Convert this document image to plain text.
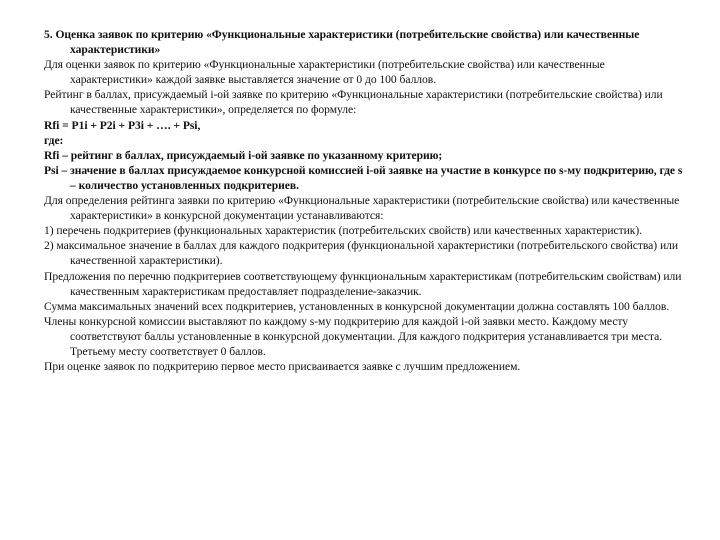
5. Оценка заявок по критерию «Функциональные характеристики (потребительские свойства) или качественные характеристики»

Для оценки заявок по критерию «Функциональные характеристики (потребительские свойства) или качественные характеристики» каждой заявке выставляется значение от 0 до 100 баллов.

Рейтинг в баллах, присуждаемый i-ой заявке по критерию «Функциональные характеристики (потребительские свойства) или качественные характеристики», определяется по формуле:

Rfi = P1i + P2i + P3i + …. + Psi,

где:

Rfi – рейтинг в баллах, присуждаемый i-ой заявке по указанному критерию;

Psi – значение в баллах присуждаемое конкурсной комиссией i-ой заявке на участие в конкурсе по s-му подкритерию, где s – количество установленных подкритериев.

Для определения рейтинга заявки по критерию «Функциональные характеристики (потребительские свойства) или качественные характеристики» в конкурсной документации устанавливаются:

1) перечень подкритериев (функциональных характеристик (потребительских свойств) или качественных характеристик).

2) максимальное значение в баллах для каждого подкритерия (функциональной характеристики (потребительского свойства) или качественной характеристики).

Предложения по перечню подкритериев соответствующему функциональным характеристикам (потребительским свойствам) или качественным характеристикам предоставляет подразделение-заказчик.

Сумма максимальных значений всех подкритериев, установленных в конкурсной документации должна составлять 100 баллов.

Члены конкурсной комиссии выставляют по каждому s-му подкритерию для каждой i-ой заявки место. Каждому месту соответствуют баллы установленные в конкурсной документации. Для каждого подкритерия устанавливается три места. Третьему месту соответствует 0 баллов.

При оценке заявок по подкритерию первое место присваивается заявке с лучшим предложением.
